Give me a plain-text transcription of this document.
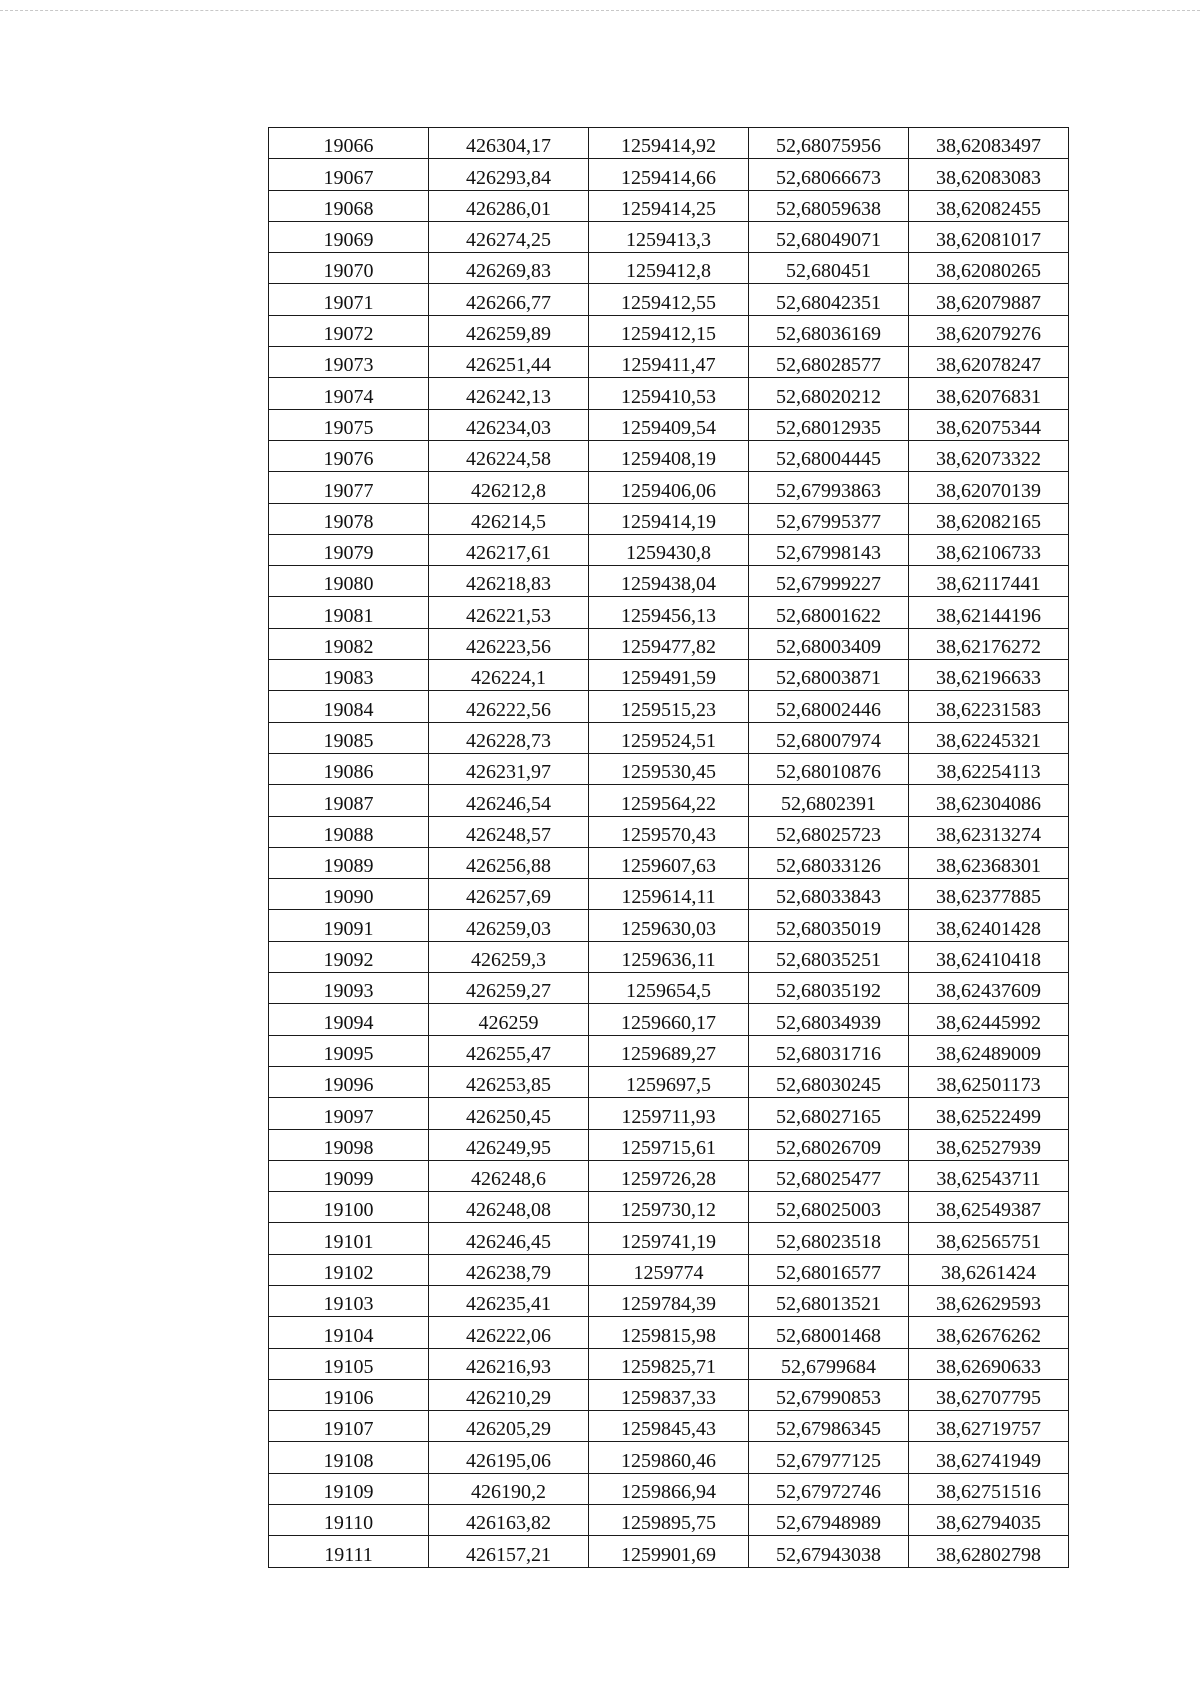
19066	426304,17	1259414,92	52,68075956	38,62083497
19067	426293,84	1259414,66	52,68066673	38,62083083
19068	426286,01	1259414,25	52,68059638	38,62082455
19069	426274,25	1259413,3	52,68049071	38,62081017
19070	426269,83	1259412,8	52,680451	38,62080265
19071	426266,77	1259412,55	52,68042351	38,62079887
19072	426259,89	1259412,15	52,68036169	38,62079276
19073	426251,44	1259411,47	52,68028577	38,62078247
19074	426242,13	1259410,53	52,68020212	38,62076831
19075	426234,03	1259409,54	52,68012935	38,62075344
19076	426224,58	1259408,19	52,68004445	38,62073322
19077	426212,8	1259406,06	52,67993863	38,62070139
19078	426214,5	1259414,19	52,67995377	38,62082165
19079	426217,61	1259430,8	52,67998143	38,62106733
19080	426218,83	1259438,04	52,67999227	38,62117441
19081	426221,53	1259456,13	52,68001622	38,62144196
19082	426223,56	1259477,82	52,68003409	38,62176272
19083	426224,1	1259491,59	52,68003871	38,62196633
19084	426222,56	1259515,23	52,68002446	38,62231583
19085	426228,73	1259524,51	52,68007974	38,62245321
19086	426231,97	1259530,45	52,68010876	38,62254113
19087	426246,54	1259564,22	52,6802391	38,62304086
19088	426248,57	1259570,43	52,68025723	38,62313274
19089	426256,88	1259607,63	52,68033126	38,62368301
19090	426257,69	1259614,11	52,68033843	38,62377885
19091	426259,03	1259630,03	52,68035019	38,62401428
19092	426259,3	1259636,11	52,68035251	38,62410418
19093	426259,27	1259654,5	52,68035192	38,62437609
19094	426259	1259660,17	52,68034939	38,62445992
19095	426255,47	1259689,27	52,68031716	38,62489009
19096	426253,85	1259697,5	52,68030245	38,62501173
19097	426250,45	1259711,93	52,68027165	38,62522499
19098	426249,95	1259715,61	52,68026709	38,62527939
19099	426248,6	1259726,28	52,68025477	38,62543711
19100	426248,08	1259730,12	52,68025003	38,62549387
19101	426246,45	1259741,19	52,68023518	38,62565751
19102	426238,79	1259774	52,68016577	38,6261424
19103	426235,41	1259784,39	52,68013521	38,62629593
19104	426222,06	1259815,98	52,68001468	38,62676262
19105	426216,93	1259825,71	52,6799684	38,62690633
19106	426210,29	1259837,33	52,67990853	38,62707795
19107	426205,29	1259845,43	52,67986345	38,62719757
19108	426195,06	1259860,46	52,67977125	38,62741949
19109	426190,2	1259866,94	52,67972746	38,62751516
19110	426163,82	1259895,75	52,67948989	38,62794035
19111	426157,21	1259901,69	52,67943038	38,62802798
